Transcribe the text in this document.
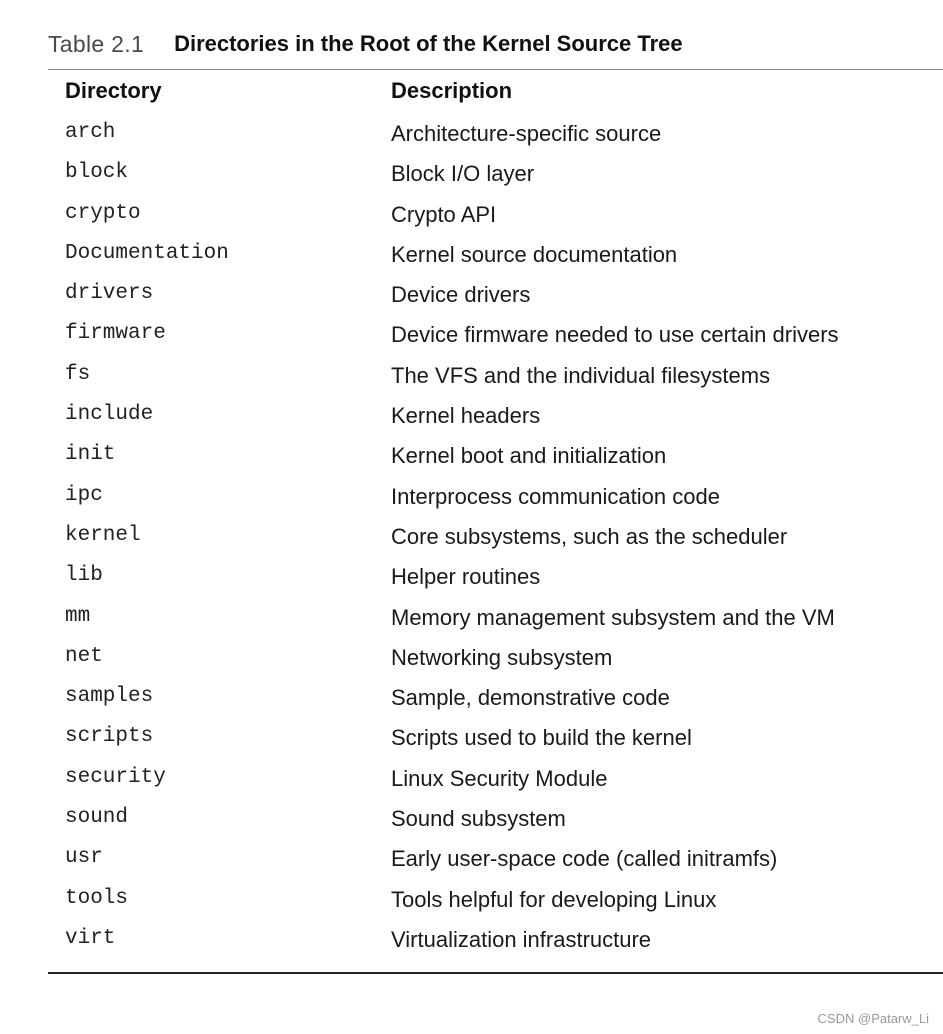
Table 2.1 Directories in the Root of the Kernel Source Tree
Directory	Description
arch	Architecture-specific source
block	Block I/O layer
crypto	Crypto API
Documentation	Kernel source documentation
drivers	Device drivers
firmware	Device firmware needed to use certain drivers
fs	The VFS and the individual filesystems
include	Kernel headers
init	Kernel boot and initialization
ipc	Interprocess communication code
kernel	Core subsystems, such as the scheduler
lib	Helper routines
mm	Memory management subsystem and the VM
net	Networking subsystem
samples	Sample, demonstrative code
scripts	Scripts used to build the kernel
security	Linux Security Module
sound	Sound subsystem
usr	Early user-space code (called initramfs)
tools	Tools helpful for developing Linux
virt	Virtualization infrastructure
CSDN @Patarw_Li
